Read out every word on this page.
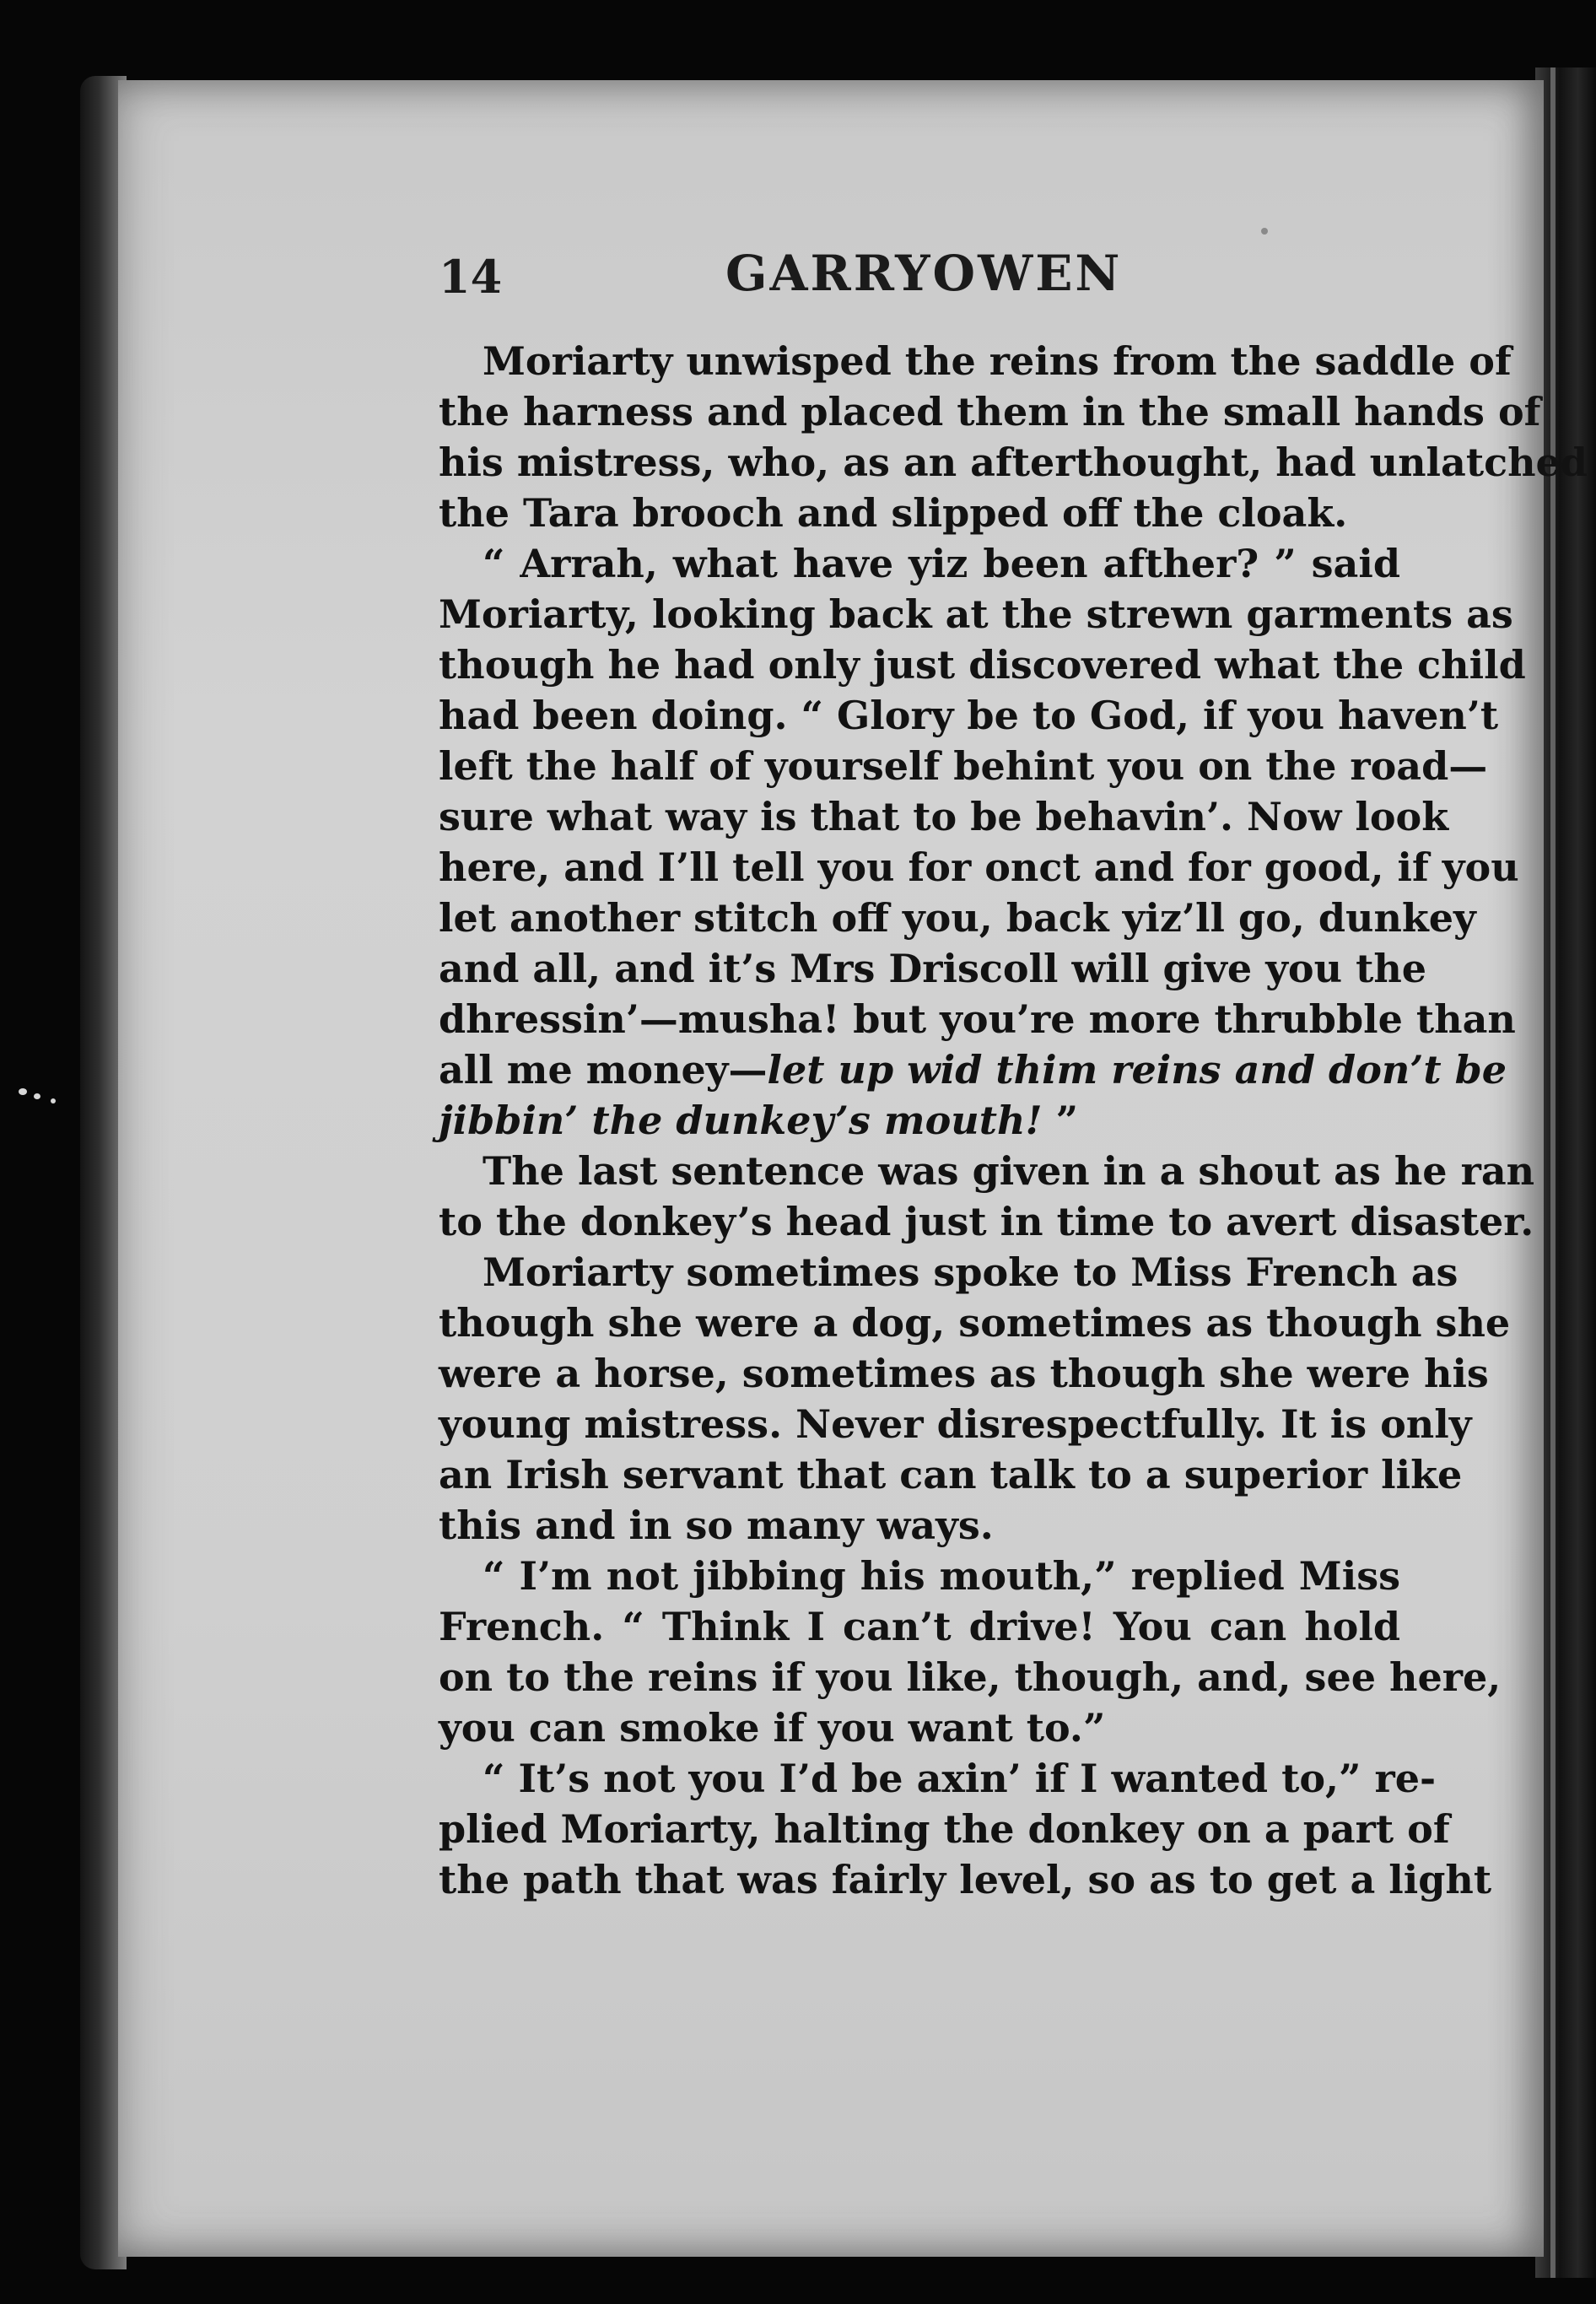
14	GARRYOWEN
Moriarty unwisped the reins from the saddle of
the harness and placed them in the small hands of
his mistress, who, as an afterthought, had unlatched
the Tara brooch and slipped off the cloak.
“ Arrah, what have yiz been afther? ” said
Moriarty, looking back at the strewn garments as
though he had only just discovered what the child
had been doing. “ Glory be to God, if you haven’t
left the half of yourself behint you on the road—
sure what way is that to be behavin’. Now look
here, and I’ll tell you for onct and for good, if you
let another stitch off you, back yiz’ll go, dunkey
and all, and it’s Mrs Driscoll will give you the
dhressin’—musha! but you’re more thrubble than
all me money—let up wid thim reins and don’t be
jibbin’ the dunkey’s mouth! ”
The last sentence was given in a shout as he ran
to the donkey’s head just in time to avert disaster.
Moriarty sometimes spoke to Miss French as
though she were a dog, sometimes as though she
were a horse, sometimes as though she were his
young mistress. Never disrespectfully. It is only
an Irish servant that can talk to a superior like
this and in so many ways.
“ I’m not jibbing his mouth,” replied Miss
French. “ Think I can’t drive! You can hold
on to the reins if you like, though, and, see here,
you can smoke if you want to.”
“ It’s not you I’d be axin’ if I wanted to,” re-
plied Moriarty, halting the donkey on a part of
the path that was fairly level, so as to get a light
